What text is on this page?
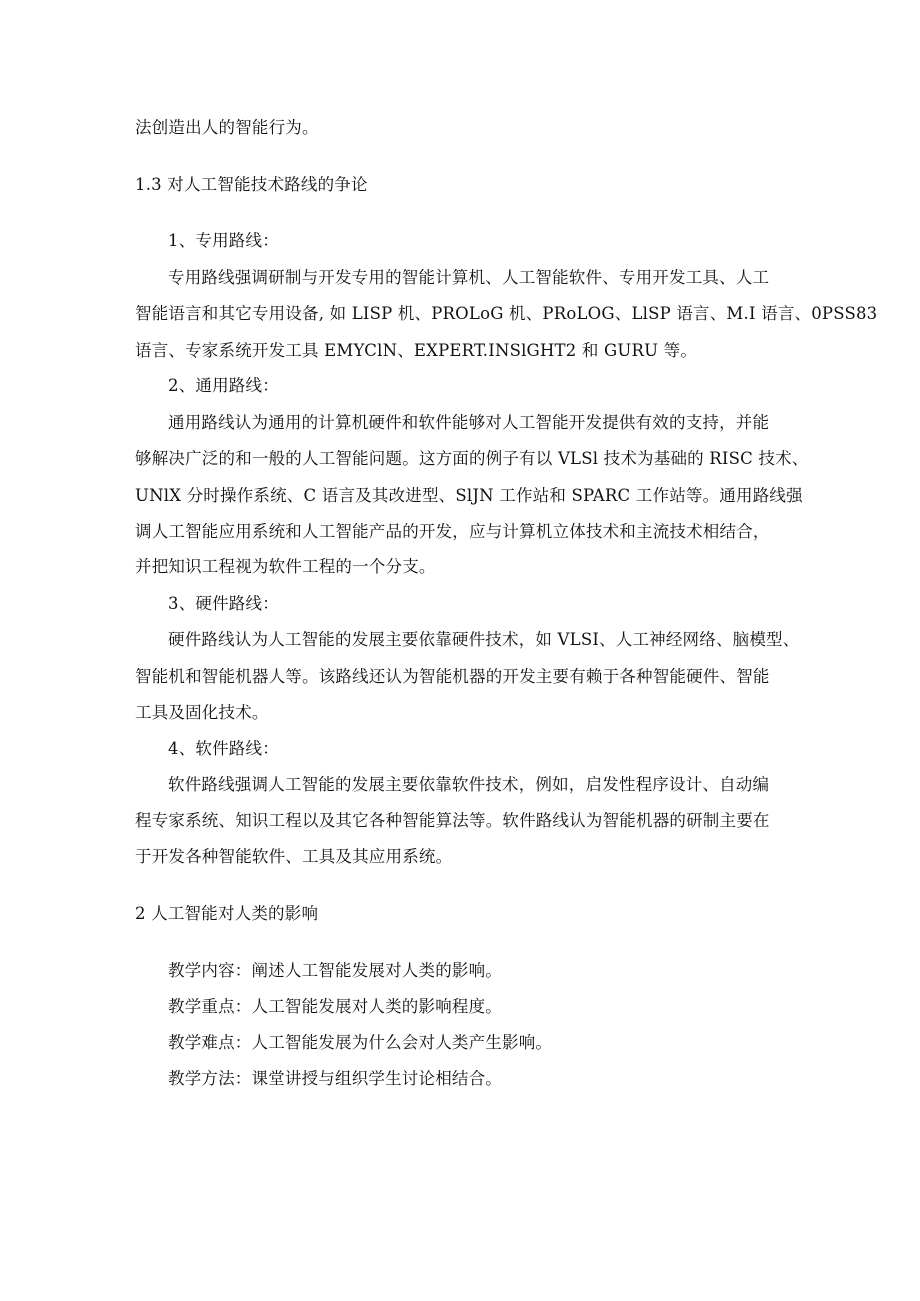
法创造出人的智能行为。
1.3 对人工智能技术路线的争论
1、专用路线：
专用路线强调研制与开发专用的智能计算机、人工智能软件、专用开发工具、人工
智能语言和其它专用设备, 如 LISP 机、PROLoG 机、PRoLOG、LlSP 语言、M.I 语言、0PSS83
语言、专家系统开发工具 EMYClN、EXPERT.INSlGHT2 和 GURU 等。
2、通用路线：
通用路线认为通用的计算机硬件和软件能够对人工智能开发提供有效的支持，并能
够解决广泛的和一般的人工智能问题。这方面的例子有以 VLSl 技术为基础的 RISC 技术、
UNlX 分时操作系统、C 语言及其改进型、SlJN 工作站和 SPARC 工作站等。通用路线强
调人工智能应用系统和人工智能产品的开发，应与计算机立体技术和主流技术相结合，
并把知识工程视为软件工程的一个分支。
3、硬件路线：
硬件路线认为人工智能的发展主要依靠硬件技术，如 VLSI、人工神经网络、脑模型、
智能机和智能机器人等。该路线还认为智能机器的开发主要有赖于各种智能硬件、智能
工具及固化技术。
4、软件路线：
软件路线强调人工智能的发展主要依靠软件技术，例如，启发性程序设计、自动编
程专家系统、知识工程以及其它各种智能算法等。软件路线认为智能机器的研制主要在
于开发各种智能软件、工具及其应用系统。
2 人工智能对人类的影响
教学内容：阐述人工智能发展对人类的影响。
教学重点：人工智能发展对人类的影响程度。
教学难点：人工智能发展为什么会对人类产生影响。
教学方法：课堂讲授与组织学生讨论相结合。
